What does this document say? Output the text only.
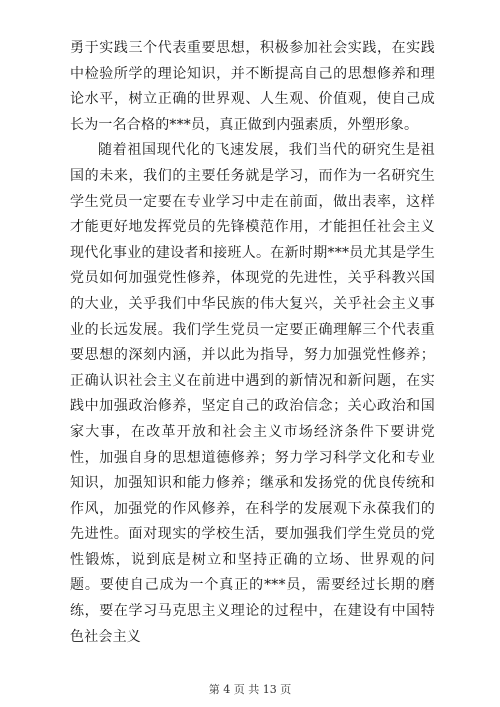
勇于实践三个代表重要思想，积极参加社会实践，在实践中检验所学的理论知识，并不断提高自己的思想修养和理论水平，树立正确的世界观、人生观、价值观，使自己成长为一名合格的***员，真正做到内强素质，外塑形象。

随着祖国现代化的飞速发展，我们当代的研究生是祖国的未来，我们的主要任务就是学习，而作为一名研究生学生党员一定要在专业学习中走在前面，做出表率，这样才能更好地发挥党员的先锋模范作用，才能担任社会主义现代化事业的建设者和接班人。在新时期***员尤其是学生党员如何加强党性修养，体现党的先进性，关乎科教兴国的大业，关乎我们中华民族的伟大复兴，关乎社会主义事业的长远发展。我们学生党员一定要正确理解三个代表重要思想的深刻内涵，并以此为指导，努力加强党性修养；正确认识社会主义在前进中遇到的新情况和新问题，在实践中加强政治修养，坚定自己的政治信念；关心政治和国家大事，在改革开放和社会主义市场经济条件下要讲党性，加强自身的思想道德修养；努力学习科学文化和专业知识，加强知识和能力修养；继承和发扬党的优良传统和作风，加强党的作风修养，在科学的发展观下永葆我们的先进性。面对现实的学校生活，要加强我们学生党员的党性锻炼，说到底是树立和坚持正确的立场、世界观的问题。要使自己成为一个真正的***员，需要经过长期的磨练，要在学习马克思主义理论的过程中，在建设有中国特色社会主义

第 4 页 共 13 页
